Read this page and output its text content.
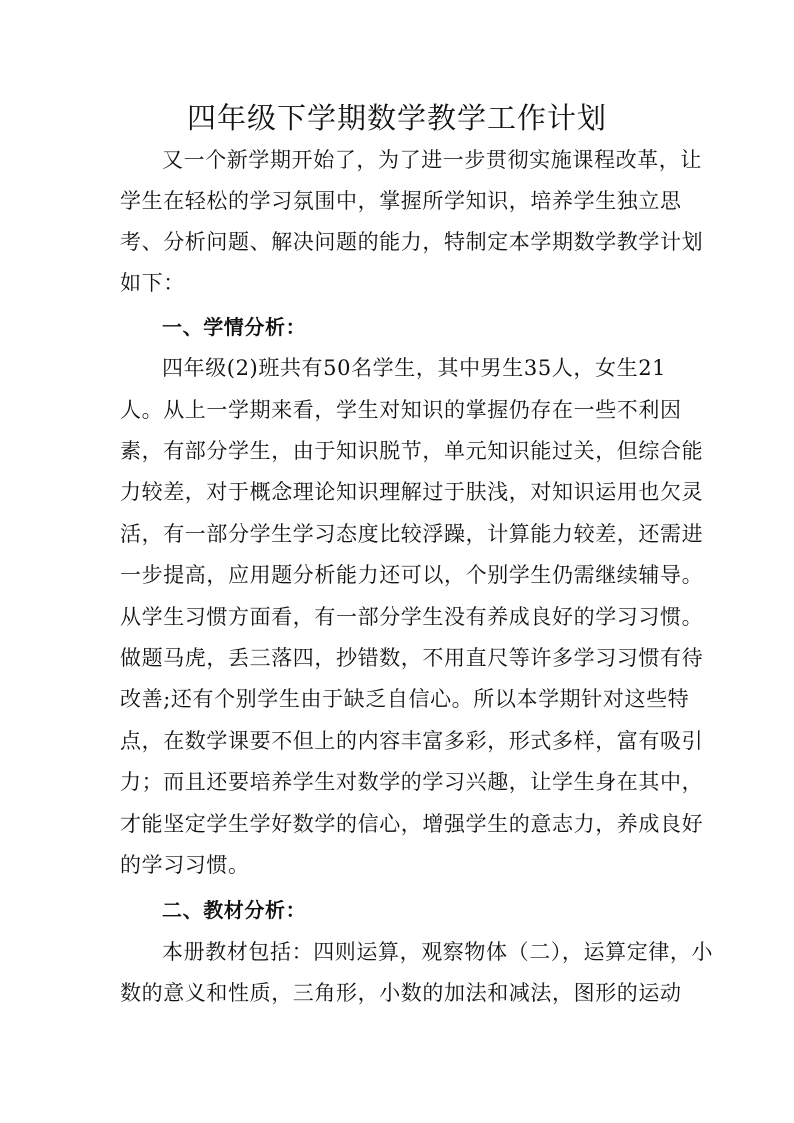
四年级下学期数学教学工作计划
又一个新学期开始了，为了进一步贯彻实施课程改革，让
学生在轻松的学习氛围中，掌握所学知识，培养学生独立思
考、分析问题、解决问题的能力，特制定本学期数学教学计划
如下：
一、学情分析：
四年级(2)班共有50名学生，其中男生35人，女生21
人。从上一学期来看，学生对知识的掌握仍存在一些不利因
素，有部分学生，由于知识脱节，单元知识能过关，但综合能
力较差，对于概念理论知识理解过于肤浅，对知识运用也欠灵
活，有一部分学生学习态度比较浮躁，计算能力较差，还需进
一步提高，应用题分析能力还可以，个别学生仍需继续辅导。
从学生习惯方面看，有一部分学生没有养成良好的学习习惯。
做题马虎，丢三落四，抄错数，不用直尺等许多学习习惯有待
改善;还有个别学生由于缺乏自信心。所以本学期针对这些特
点，在数学课要不但上的内容丰富多彩，形式多样，富有吸引
力；而且还要培养学生对数学的学习兴趣，让学生身在其中，
才能坚定学生学好数学的信心，增强学生的意志力，养成良好
的学习习惯。
二、教材分析：
本册教材包括：四则运算，观察物体（二），运算定律，小
数的意义和性质，三角形，小数的加法和减法，图形的运动
